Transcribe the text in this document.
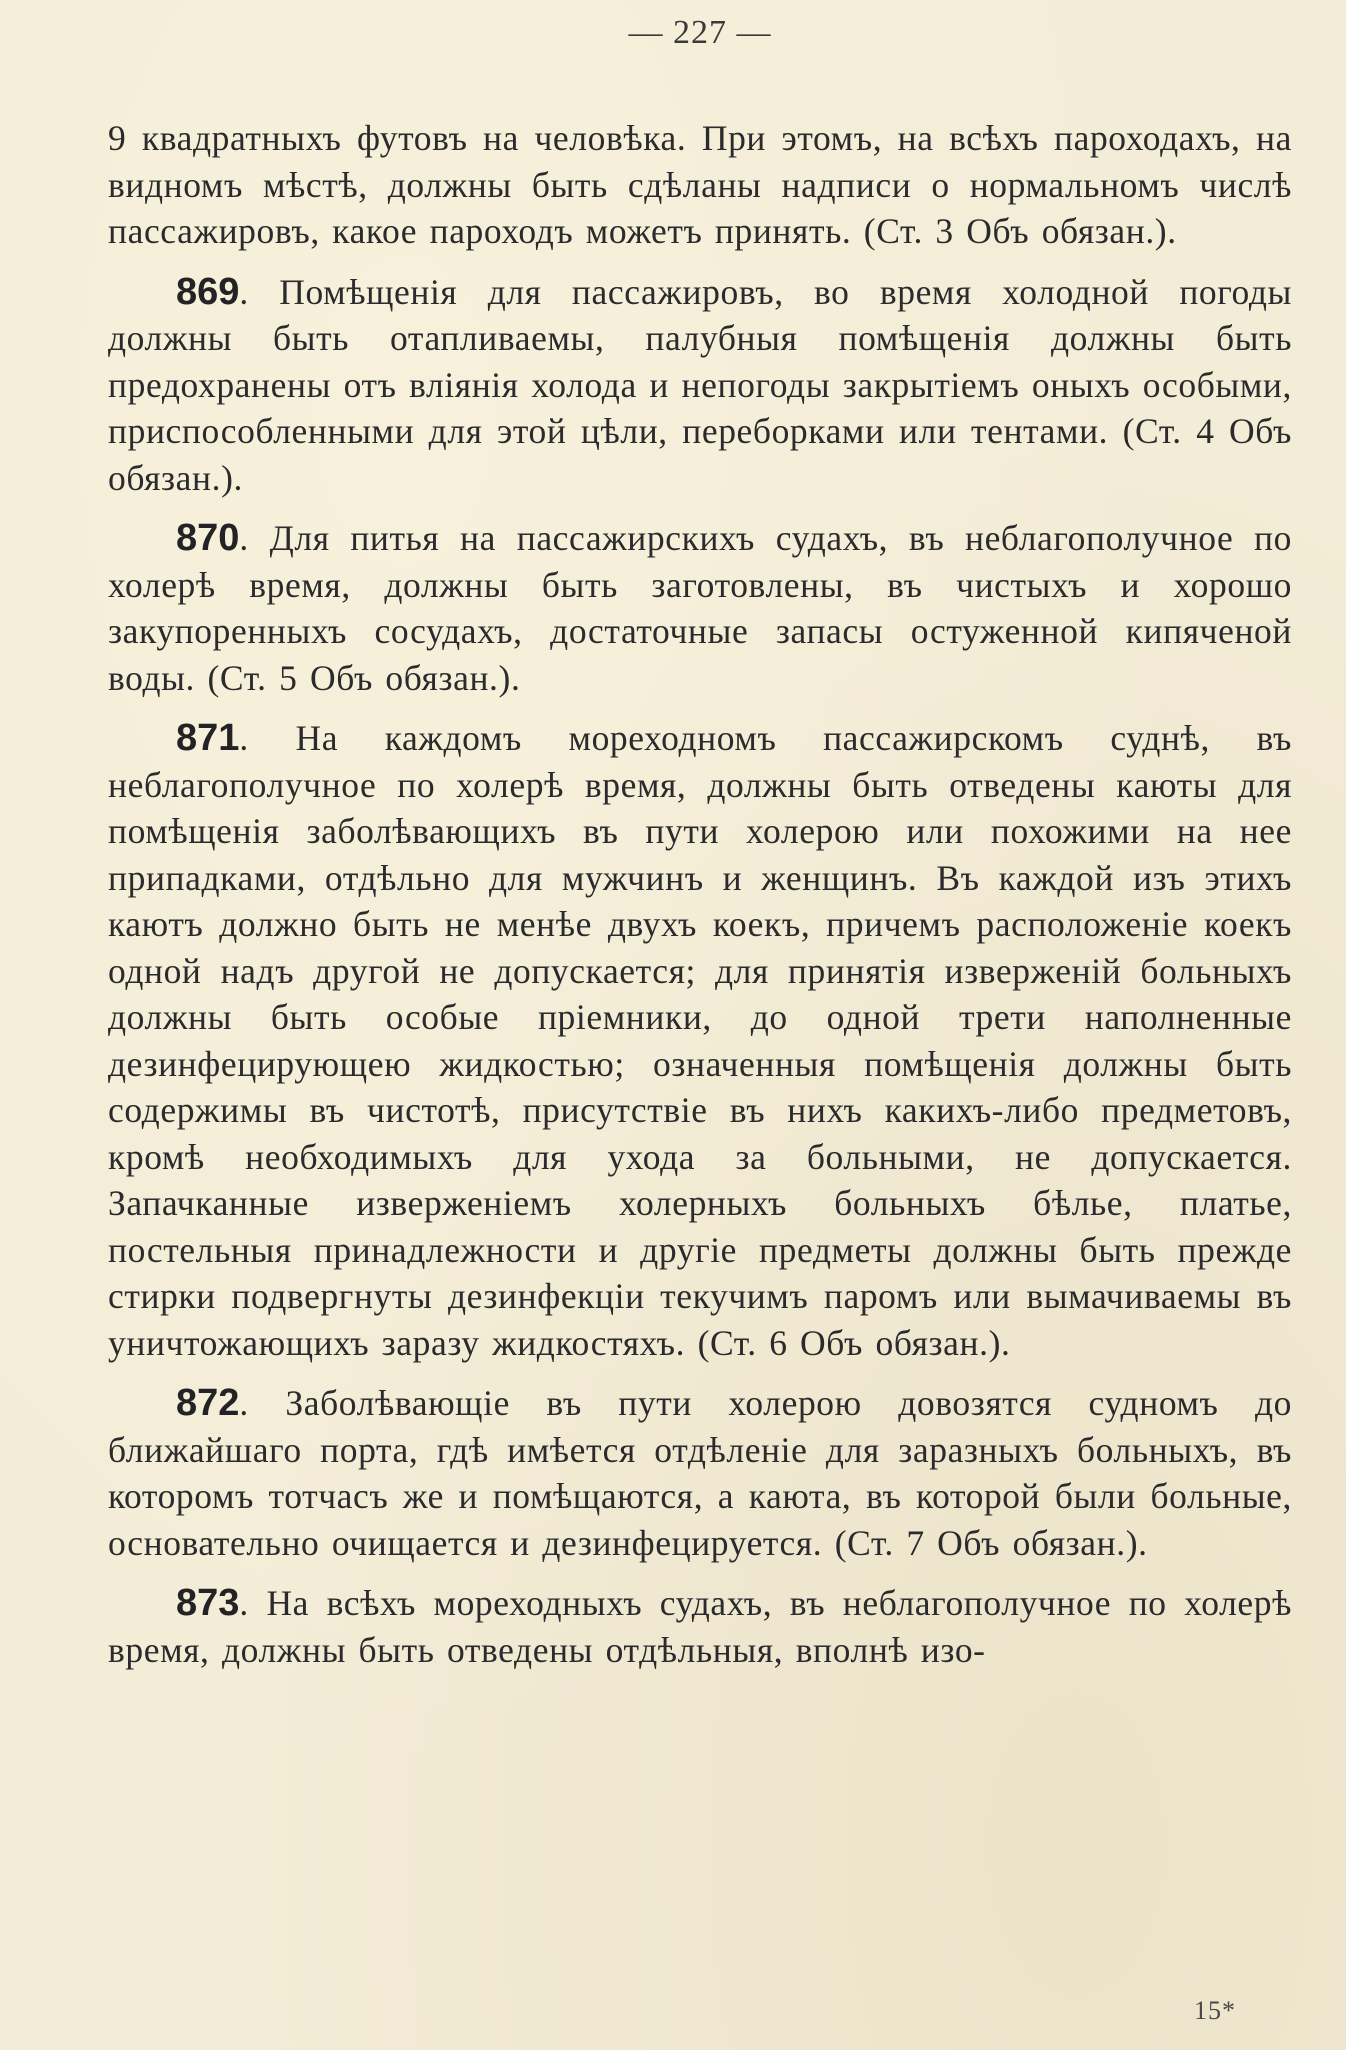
— 227 —

9 квадратныхъ футовъ на человѣка. При этомъ, на всѣхъ пароходахъ, на видномъ мѣстѣ, должны быть сдѣланы надписи о нормальномъ числѣ пассажировъ, какое пароходъ можетъ принять. (Ст. 3 Объ обязан.).

869. Помѣщенія для пассажировъ, во время холодной погоды должны быть отапливаемы, палубныя помѣщенія должны быть предохранены отъ вліянія холода и непогоды закрытіемъ оныхъ особыми, приспособленными для этой цѣли, переборками или тентами. (Ст. 4 Объ обязан.).

870. Для питья на пассажирскихъ судахъ, въ неблагополучное по холерѣ время, должны быть заготовлены, въ чистыхъ и хорошо закупоренныхъ сосудахъ, достаточные запасы остуженной кипяченой воды. (Ст. 5 Объ обязан.).

871. На каждомъ мореходномъ пассажирскомъ суднѣ, въ неблагополучное по холерѣ время, должны быть отведены каюты для помѣщенія заболѣвающихъ въ пути холерою или похожими на нее припадками, отдѣльно для мужчинъ и женщинъ. Въ каждой изъ этихъ каютъ должно быть не менѣе двухъ коекъ, причемъ расположеніе коекъ одной надъ другой не допускается; для принятія изверженій больныхъ должны быть особые пріемники, до одной трети наполненные дезинфецирующею жидкостью; означенныя помѣщенія должны быть содержимы въ чистотѣ, присутствіе въ нихъ какихъ-либо предметовъ, кромѣ необходимыхъ для ухода за больными, не допускается. Запачканные изверженіемъ холерныхъ больныхъ бѣлье, платье, постельныя принадлежности и другіе предметы должны быть прежде стирки подвергнуты дезинфекціи текучимъ паромъ или вымачиваемы въ уничтожающихъ заразу жидкостяхъ. (Ст. 6 Объ обязан.).

872. Заболѣвающіе въ пути холерою довозятся судномъ до ближайшаго порта, гдѣ имѣется отдѣленіе для заразныхъ больныхъ, въ которомъ тотчасъ же и помѣщаются, а каюта, въ которой были больные, основательно очищается и дезинфецируется. (Ст. 7 Объ обязан.).

873. На всѣхъ мореходныхъ судахъ, въ неблагополучное по холерѣ время, должны быть отведены отдѣльныя, вполнѣ изо-

15*
